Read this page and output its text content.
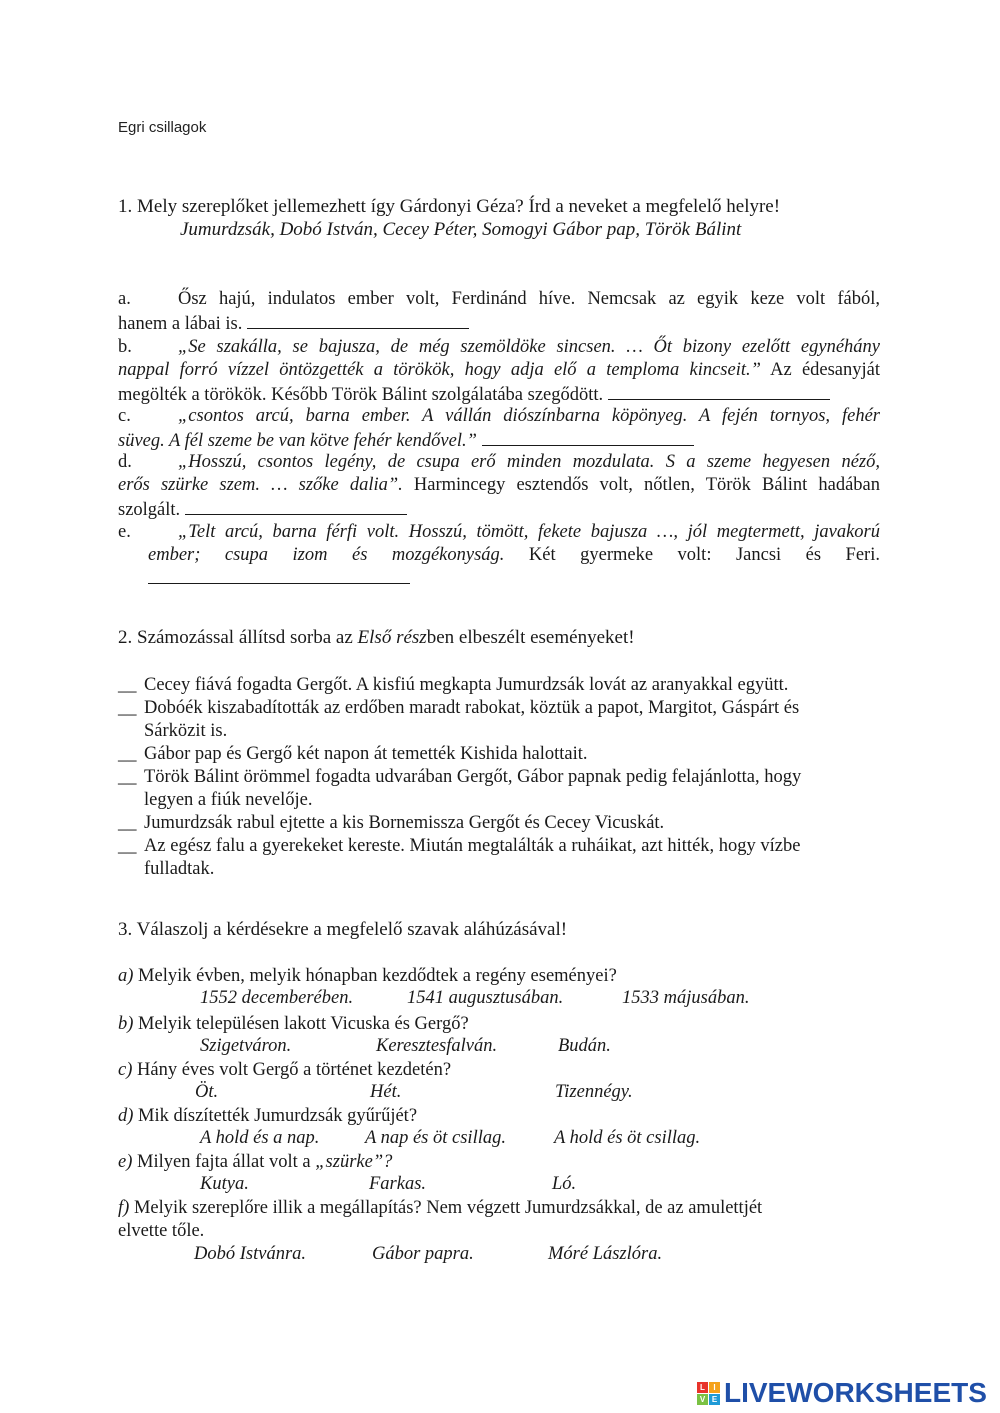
Egri csillagok
1. Mely szereplőket jellemezhett így Gárdonyi Géza? Írd a neveket a megfelelő helyre!
Jumurdzsák, Dobó István, Cecey Péter, Somogyi Gábor pap, Török Bálint
a.	Ősz hajú, indulatos ember volt, Ferdinánd híve. Nemcsak az egyik keze volt fából,
hanem a lábai is.
b. „Se szakálla, se bajusza, de még szemöldöke sincsen. … Őt bizony ezelőtt egynéhány
nappal forró vízzel öntözgették a törökök, hogy adja elő a temploma kincseit.” Az édesanyját
megölték a törökök. Később Török Bálint szolgálatába szegődött.
c.	„csontos arcú, barna ember. A vállán diószínbarna köpönyeg. A fején tornyos, fehér
süveg. A fél szeme be van kötve fehér kendővel.”
d. „Hosszú, csontos legény, de csupa erő minden mozdulata. S a szeme hegyesen néző,
erős szürke szem. … szőke dalia”. Harmincegy esztendős volt, nőtlen, Török Bálint hadában
szolgált.
e.	„Telt arcú, barna férfi volt. Hosszú, tömött, fekete bajusza …, jól megtermett, javakorú
ember; csupa izom és mozgékonyság. Két gyermeke volt: Jancsi és Feri.
2. Számozással állítsd sorba az Első részben elbeszélt eseményeket!
__ Cecey fiává fogadta Gergőt. A kisfiú megkapta Jumurdzsák lovát az aranyakkal együtt.
__ Dobóék kiszabadították az erdőben maradt rabokat, köztük a papot, Margitot, Gáspárt és
Sárközit is.
__ Gábor pap és Gergő két napon át temették Kishida halottait.
__ Török Bálint örömmel fogadta udvarában Gergőt, Gábor papnak pedig felajánlotta, hogy
legyen a fiúk nevelője.
__ Jumurdzsák rabul ejtette a kis Bornemissza Gergőt és Cecey Vicuskát.
__ Az egész falu a gyerekeket kereste. Miután megtalálták a ruháikat, azt hitték, hogy vízbe
fulladtak.
3. Válaszolj a kérdésekre a megfelelő szavak aláhúzásával!
a) Melyik évben, melyik hónapban kezdődtek a regény eseményei?
1552 decemberében.	1541 augusztusában.	1533 májusában.
b) Melyik településen lakott Vicuska és Gergő?
Szigetváron.	Keresztesfalván.	Budán.
c) Hány éves volt Gergő a történet kezdetén?
Öt.	Hét.	Tizennégy.
d) Mik díszítették Jumurdzsák gyűrűjét?
A hold és a nap. A nap és öt csillag.	A hold és öt csillag.
e) Milyen fajta állat volt a „szürke”?
Kutya.	Farkas.	Ló.
f) Melyik szereplőre illik a megállapítás? Nem végzett Jumurdzsákkal, de az amulettjét
elvette tőle.
Dobó Istvánra.	Gábor papra.	Móré Lászlóra.
L	I
V E LIVEWORKSHEETS
